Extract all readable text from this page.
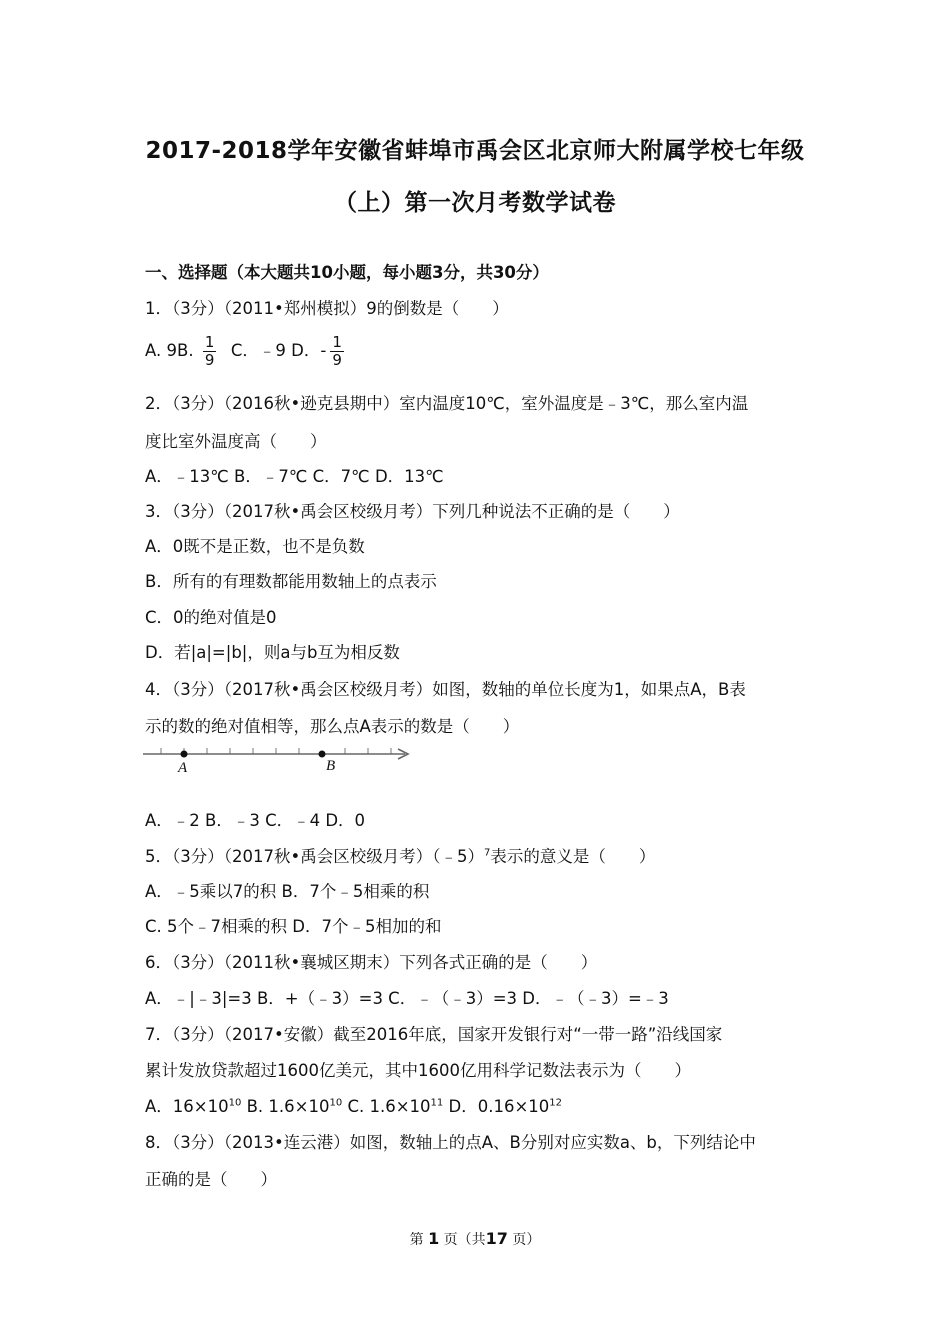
2017-2018学年安徽省蚌埠市禹会区北京师大附属学校七年级
（上）第一次月考数学试卷
一、选择题（本大题共10小题，每小题3分，共30分）
1．（3分）（2011•郑州模拟）9的倒数是（　　）
A. 9B. $\frac{1}{9}$ C．﹣9 D．- $\frac{1}{9}$
2．（3分）（2016秋•逊克县期中）室内温度10℃，室外温度是﹣3℃，那么室内温
度比室外温度高（　　）
A．﹣13℃ B．﹣7℃ C．7℃ D．13℃
3．（3分）（2017秋•禹会区校级月考）下列几种说法不正确的是（　　）
A．0既不是正数，也不是负数
B．所有的有理数都能用数轴上的点表示
C．0的绝对值是0
D．若|a|=|b|，则a与b互为相反数
4．（3分）（2017秋•禹会区校级月考）如图，数轴的单位长度为1，如果点A，B表
示的数的绝对值相等，那么点A表示的数是（　　）
A	B
A．﹣2 B．﹣3 C．﹣4 D．0
5．（3分）（2017秋•禹会区校级月考）（﹣5）$^7$表示的意义是（　　）
A．﹣5乘以7的积 B．7个﹣5相乘的积
C. 5个﹣7相乘的积 D．7个﹣5相加的和
6．（3分）（2011秋•襄城区期末）下列各式正确的是（　　）
A．﹣|﹣3|=3 B．+（﹣3）=3 C．﹣（﹣3）=3 D．﹣（﹣3）=﹣3
7．（3分）（2017•安徽）截至2016年底，国家开发银行对“一带一路”沿线国家
累计发放贷款超过1600亿美元，其中1600亿用科学记数法表示为（　　）
A．$16\times 10^{10}$ B. $1.6\times 10^{10}$ C. $1.6\times 10^{11}$ D．$0.16\times 10^{12}$
8．（3分）（2013•连云港）如图，数轴上的点A、B分别对应实数a、b，下列结论中
正确的是（　　）
第 1 页（共17 页）
